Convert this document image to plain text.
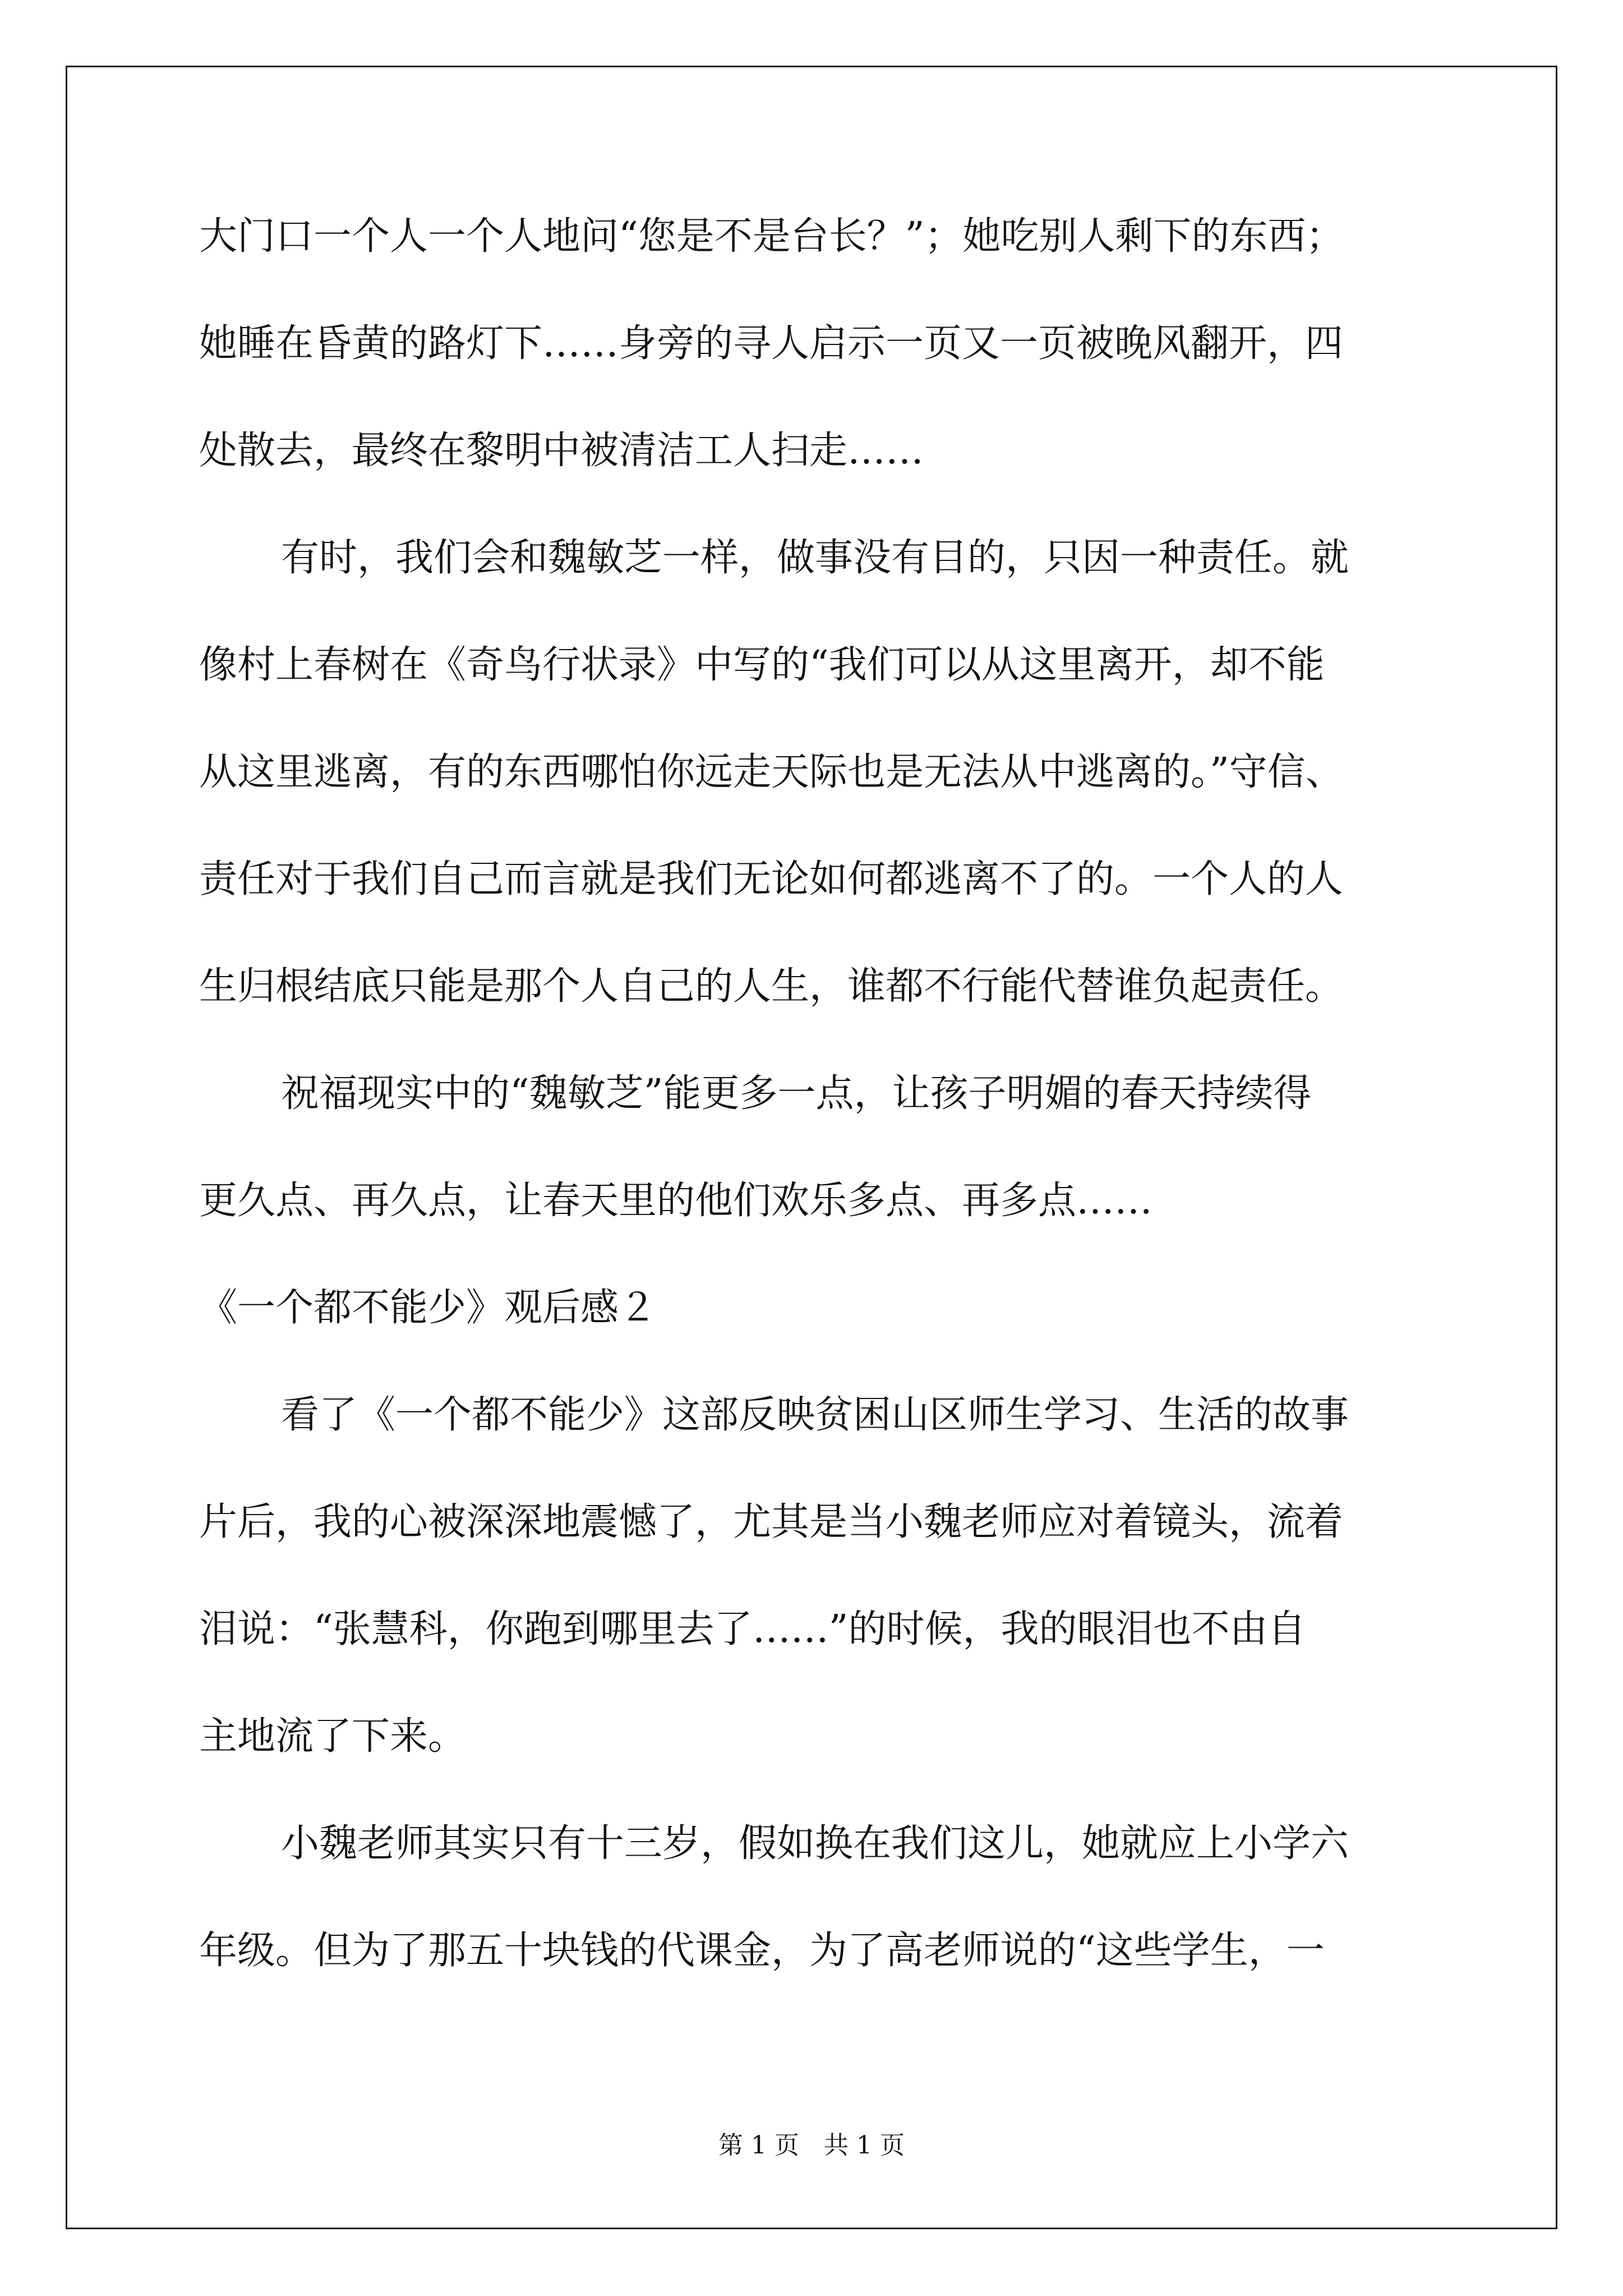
大门口一个人一个人地问“您是不是台长？”；她吃别人剩下的东西；

她睡在昏黄的路灯下……身旁的寻人启示一页又一页被晚风翻开，四

处散去，最终在黎明中被清洁工人扫走……

有时，我们会和魏敏芝一样，做事没有目的，只因一种责任。就

像村上春树在《奇鸟行状录》中写的“我们可以从这里离开，却不能

从这里逃离，有的东西哪怕你远走天际也是无法从中逃离的。”守信、

责任对于我们自己而言就是我们无论如何都逃离不了的。一个人的人

生归根结底只能是那个人自己的人生，谁都不行能代替谁负起责任。

祝福现实中的“魏敏芝”能更多一点，让孩子明媚的春天持续得

更久点、再久点，让春天里的他们欢乐多点、再多点……

《一个都不能少》观后感２

看了《一个都不能少》这部反映贫困山区师生学习、生活的故事

片后，我的心被深深地震憾了，尤其是当小魏老师应对着镜头，流着

泪说：“张慧科，你跑到哪里去了……”的时候，我的眼泪也不由自

主地流了下来。

小魏老师其实只有十三岁，假如换在我们这儿，她就应上小学六

年级。但为了那五十块钱的代课金，为了高老师说的“这些学生，一

第 1 页　共 1 页
